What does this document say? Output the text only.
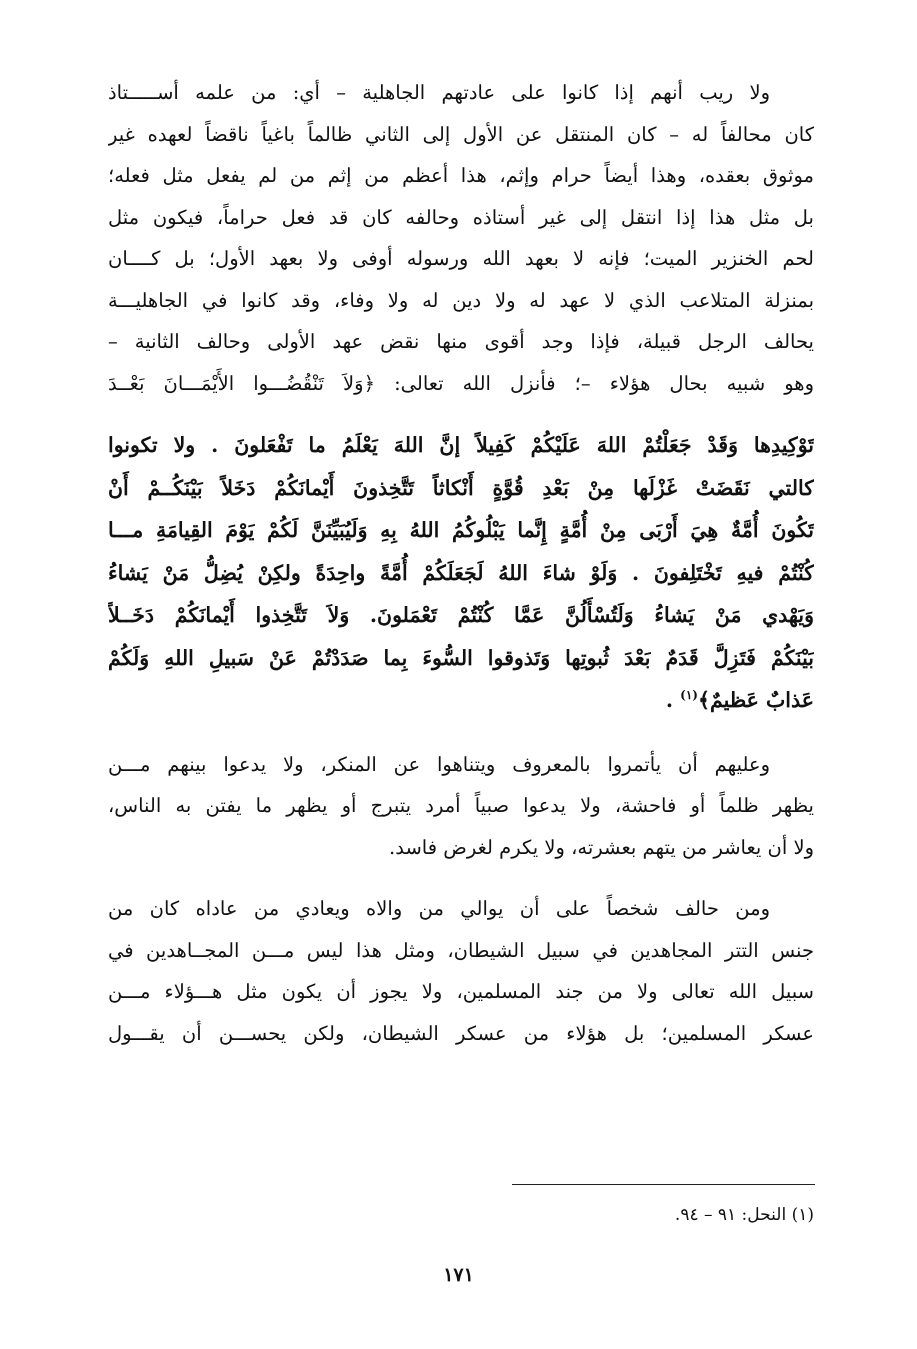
ولا ريب أنهم إذا كانوا على عادتهم الجاهلية – أي: من علمه أســـــتاذ
كان محالفاً له – كان المنتقل عن الأول إلى الثاني ظالماً باغياً ناقضاً لعهده غير
موثوق بعقده، وهذا أيضاً حرام وإثم، هذا أعظم من إثم من لم يفعل مثل فعله؛
بل مثل هذا إذا انتقل إلى غير أستاذه وحالفه كان قد فعل حراماً، فيكون مثل
لحم الخنزير الميت؛ فإنه لا بعهد الله ورسوله أوفى ولا بعهد الأول؛ بل كــــان
بمنزلة المتلاعب الذي لا عهد له ولا دين له ولا وفاء، وقد كانوا في الجاهليـــة
يحالف الرجل قبيلة، فإذا وجد أقوى منها نقض عهد الأولى وحالف الثانية –
وهو شبيه بحال هؤلاء –؛ فأنزل الله تعالى: ﴿وَلاَ تَنْقُضُـــوا الأَيْمَـــانَ بَعْــدَ
تَوْكِيدِها وَقَدْ جَعَلْتُمْ اللهَ عَلَيْكُمْ كَفِيلاً إنَّ اللهَ يَعْلَمُ ما تَفْعَلونَ . ولا تكونوا
كالتي نَقَضَتْ غَزْلَها مِنْ بَعْدِ قُوَّةٍ أَنْكاثاً تَتَّخِذونَ أَيْمانَكُمْ دَخَلاً بَيْنَكُــمْ أَنْ
تَكُونَ أُمَّةٌ هِيَ أَرْبَى مِنْ أُمَّةٍ إِنَّما يَبْلُوكُمُ اللهُ بِهِ وَلَيُبَيِّنَنَّ لَكُمْ يَوْمَ القِيامَةِ مـــا
كُنْتُمْ فيهِ تَخْتَلِفونَ . وَلَوْ شاءَ اللهُ لَجَعَلَكُمْ أُمَّةً واحِدَةً ولكِنْ يُضِلُّ مَنْ يَشاءُ
وَيَهْدي مَنْ يَشاءُ وَلَتُسْأَلُنَّ عَمَّا كُنْتُمْ تَعْمَلونَ. وَلاَ تَتَّخِذوا أَيْمانَكُمْ دَخَــلاً
بَيْنَكُمْ فَتَزِلَّ قَدَمٌ بَعْدَ ثُبوتِها وَتَذوقوا السُّوءَ بِما صَدَدْتُمْ عَنْ سَبيلِ اللهِ وَلَكُمْ
عَذابٌ عَظيمٌ﴾$^{(١)}$ .
وعليهم أن يأتمروا بالمعروف ويتناهوا عن المنكر، ولا يدعوا بينهم مـــن
يظهر ظلماً أو فاحشة، ولا يدعوا صبياً أمرد يتبرج أو يظهر ما يفتن به الناس،
ولا أن يعاشر من يتهم بعشرته، ولا يكرم لغرض فاسد.
ومن حالف شخصاً على أن يوالي من والاه ويعادي من عاداه كان من
جنس التتر المجاهدين في سبيل الشيطان، ومثل هذا ليس مـــن المجــاهدين في
سبيل الله تعالى ولا من جند المسلمين، ولا يجوز أن يكون مثل هـــؤلاء مـــن
عسكر المسلمين؛ بل هؤلاء من عسكر الشيطان، ولكن يحســـن أن يقـــول
(١) النحل: ٩١ – ٩٤.
١٧١
